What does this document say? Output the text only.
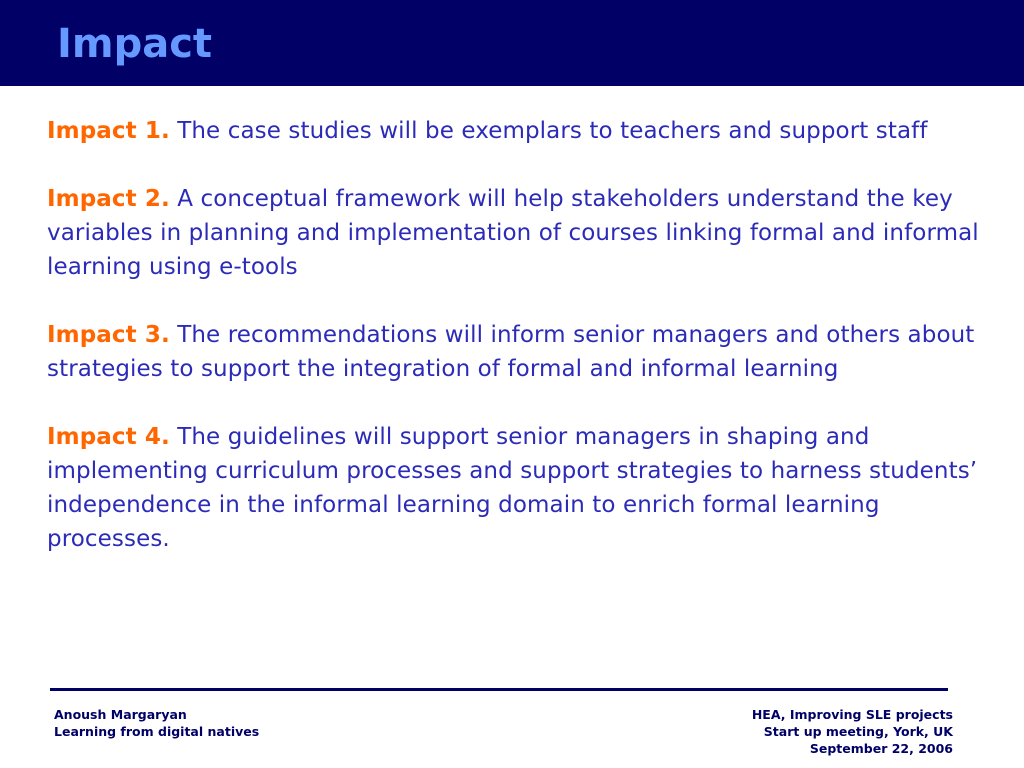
Impact

Impact 1. The case studies will be exemplars to teachers and support staff

Impact 2. A conceptual framework will help stakeholders understand the key variables in planning and implementation of courses linking formal and informal learning using e-tools

Impact 3. The recommendations will inform senior managers and others about strategies to support the integration of formal and informal learning

Impact 4. The guidelines will support senior managers in shaping and implementing curriculum processes and support strategies to harness students’ independence in the informal learning domain to enrich formal learning processes.

Anoush Margaryan
Learning from digital natives
HEA, Improving SLE projects
Start up meeting, York, UK
September 22, 2006
